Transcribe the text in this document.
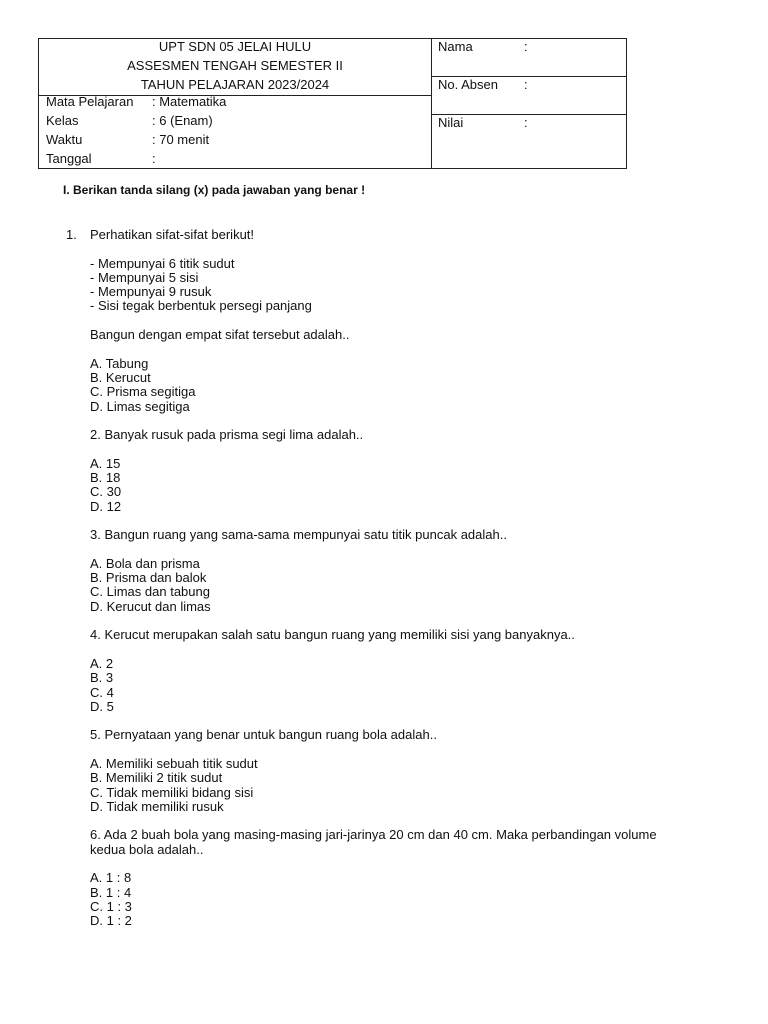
UPT SDN 05 JELAI HULU
ASSESMEN TENGAH SEMESTER II
TAHUN PELAJARAN 2023/2024
Mata Pelajaran : Matematika
Kelas	: 6 (Enam)
Waktu	: 70 menit
Tanggal	:
Nama	:
No. Absen :
Nilai	:
I. Berikan tanda silang (x) pada jawaban yang benar !
1. Perhatikan sifat-sifat berikut!

- Mempunyai 6 titik sudut

- Mempunyai 5 sisi

- Mempunyai 9 rusuk

- Sisi tegak berbentuk persegi panjang

Bangun dengan empat sifat tersebut adalah..

A. Tabung

B. Kerucut

C. Prisma segitiga

D. Limas segitiga

2. Banyak rusuk pada prisma segi lima adalah..

A. 15

B. 18

C. 30

D. 12

3. Bangun ruang yang sama-sama mempunyai satu titik puncak adalah..

A. Bola dan prisma

B. Prisma dan balok

C. Limas dan tabung

D. Kerucut dan limas

4. Kerucut merupakan salah satu bangun ruang yang memiliki sisi yang banyaknya..

A. 2

B. 3

C. 4

D. 5

5. Pernyataan yang benar untuk bangun ruang bola adalah..

A. Memiliki sebuah titik sudut

B. Memiliki 2 titik sudut

C. Tidak memiliki bidang sisi

D. Tidak memiliki rusuk

6. Ada 2 buah bola yang masing-masing jari-jarinya 20 cm dan 40 cm. Maka perbandingan volume

kedua bola adalah..

A. 1 : 8

B. 1 : 4

C. 1 : 3

D. 1 : 2
